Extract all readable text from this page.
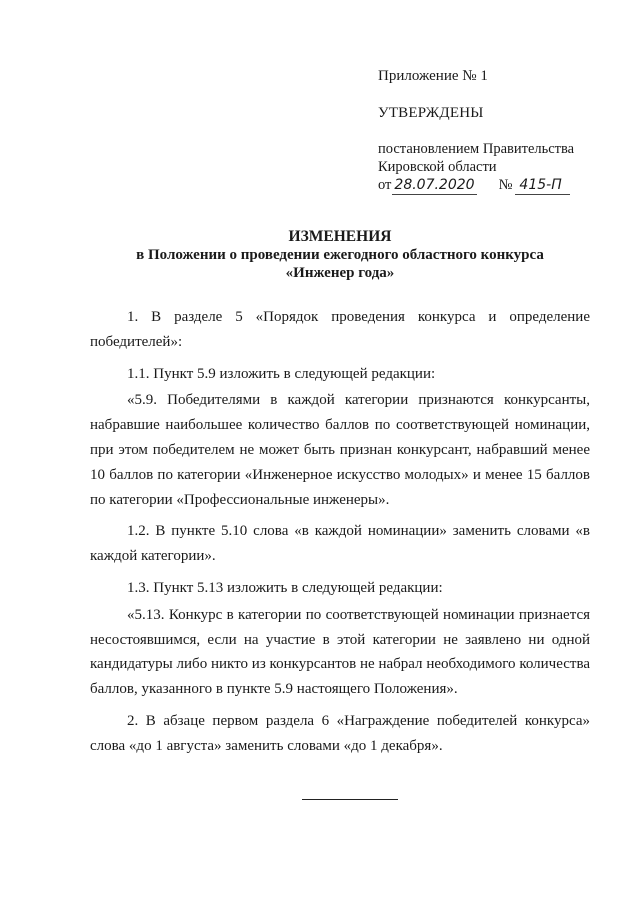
Приложение № 1
УТВЕРЖДЕНЫ
постановлением Правительства
Кировской области
от 28.07.2020 № 415-П
ИЗМЕНЕНИЯ
в Положении о проведении ежегодного областного конкурса
«Инженер года»

1. В разделе 5 «Порядок проведения конкурса и определение победителей»:

1.1. Пункт 5.9 изложить в следующей редакции:

«5.9. Победителями в каждой категории признаются конкурсанты, набравшие наибольшее количество баллов по соответствующей номинации, при этом победителем не может быть признан конкурсант, набравший менее 10 баллов по категории «Инженерное искусство молодых» и менее 15 баллов по категории «Профессиональные инженеры».

1.2. В пункте 5.10 слова «в каждой номинации» заменить словами «в каждой категории».

1.3. Пункт 5.13 изложить в следующей редакции:

«5.13. Конкурс в категории по соответствующей номинации признается несостоявшимся, если на участие в этой категории не заявлено ни одной кандидатуры либо никто из конкурсантов не набрал необходимого количества баллов, указанного в пункте 5.9 настоящего Положения».

2. В абзаце первом раздела 6 «Награждение победителей конкурса» слова «до 1 августа» заменить словами «до 1 декабря».
